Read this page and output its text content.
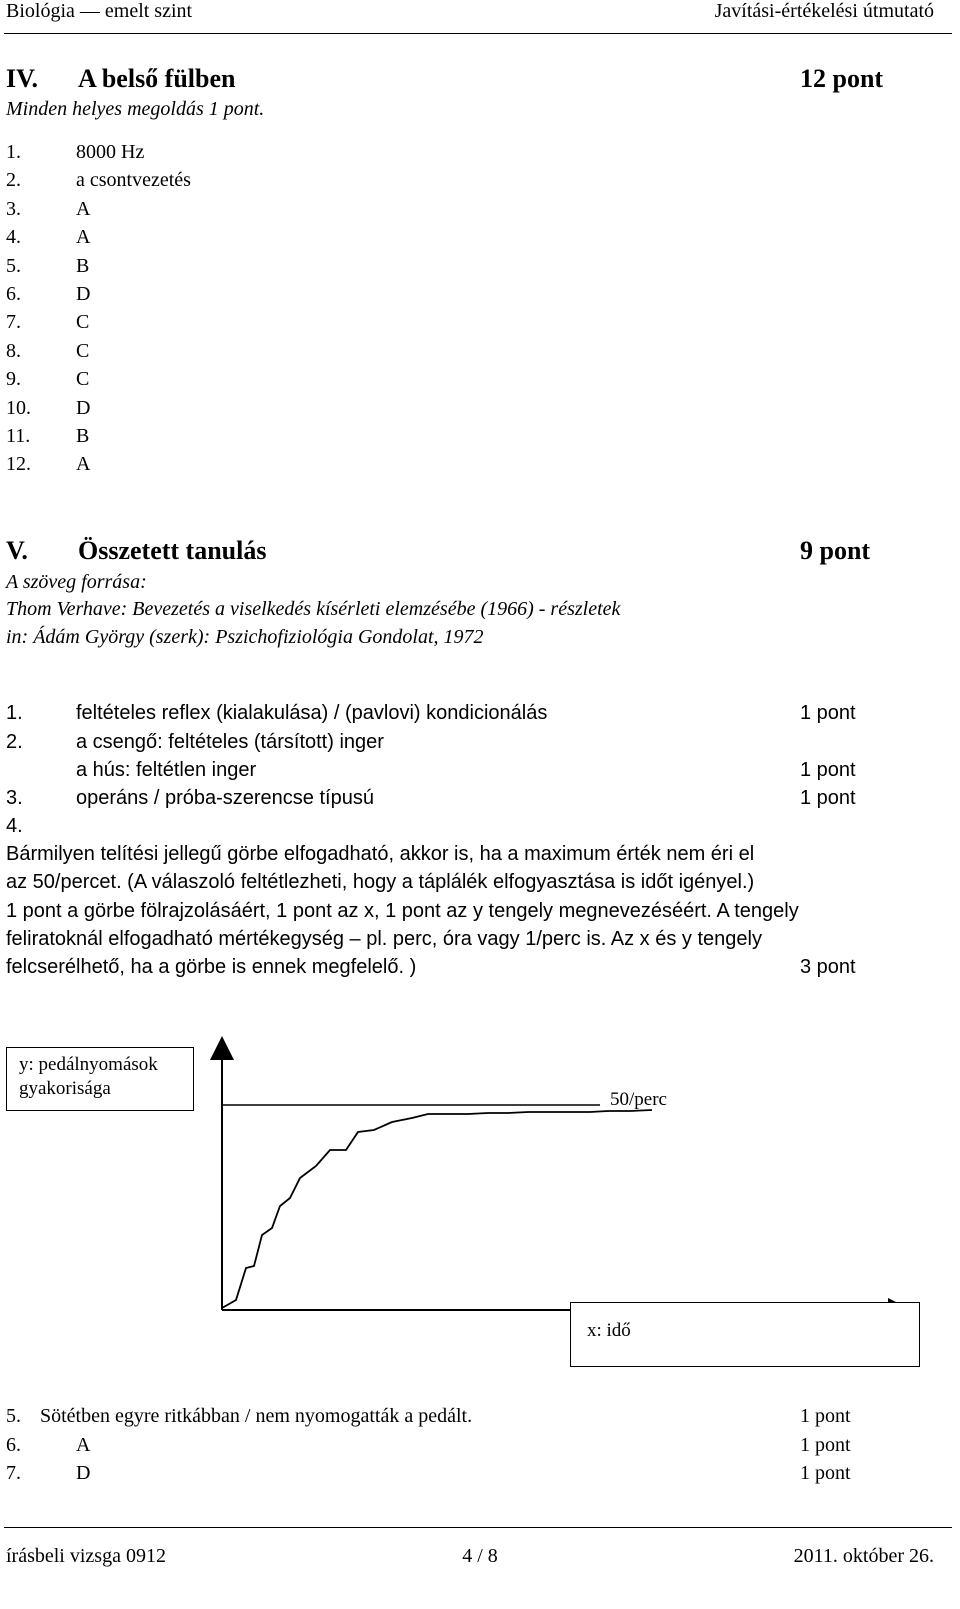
Biológia — emelt szint	Javítási-értékelési útmutató
IV. A belső fülben	12 pont
Minden helyes megoldás 1 pont.
1.	8000 Hz
2.	a csontvezetés
3.	A
4.	A
5.	B
6.	D
7.	C
8.	C
9.	C
10. D
11. B
12. A
V. Összetett tanulás	9 pont
A szöveg forrása:
Thom Verhave: Bevezetés a viselkedés kísérleti elemzésébe (1966) - részletek
in: Ádám György (szerk): Pszichofiziológia Gondolat, 1972
1.	feltételes reflex (kialakulása) / (pavlovi) kondicionálás	1 pont
2.	a csengő: feltételes (társított) inger
a hús: feltétlen inger	1 pont
3.	operáns / próba-szerencse típusú	1 pont
4.
Bármilyen telítési jellegű görbe elfogadható, akkor is, ha a maximum érték nem éri el
az 50/percet. (A válaszoló feltétlezheti, hogy a táplálék elfogyasztása is időt igényel.)
1 pont a görbe fölrajzolásáért, 1 pont az x, 1 pont az y tengely megnevezéséért. A tengely
feliratoknál elfogadható mértékegység – pl. perc, óra vagy 1/perc is. Az x és y tengely
felcserélhető, ha a görbe is ennek megfelelő. )	3 pont
y: pedálnyomások
gyakorisága
50/perc
x: idő
5. Sötétben egyre ritkábban / nem nyomogatták a pedált.	1 pont
6.	A	1 pont
7.	D	1 pont
írásbeli vizsga 0912	4 / 8	2011. október 26.
